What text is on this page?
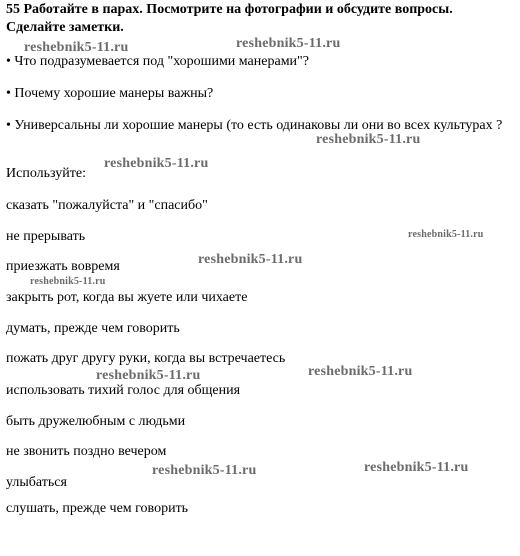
55 Работайте в парах. Посмотрите на фотографии и обсудите вопросы.
Сделайте заметки.
• Что подразумевается под "хорошими манерами"?
• Почему хорошие манеры важны?
• Универсальны ли хорошие манеры (то есть одинаковы ли они во всех культурах ?
Используйте:
сказать "пожалуйста" и "спасибо"
не прерывать
приезжать вовремя
закрыть рот, когда вы жуете или чихаете
думать, прежде чем говорить
пожать друг другу руки, когда вы встречаетесь
использовать тихий голос для общения
быть дружелюбным с людьми
не звонить поздно вечером
улыбаться
слушать, прежде чем говорить
reshebnik5-11.ru	reshebnik5-11.ru
reshebnik5-11.ru
reshebnik5-11.ru
reshebnik5-11.ru
reshebnik5-11.ru
reshebnik5-11.ru
reshebnik5-11.ru	reshebnik5-11.ru
reshebnik5-11.ru	reshebnik5-11.ru
